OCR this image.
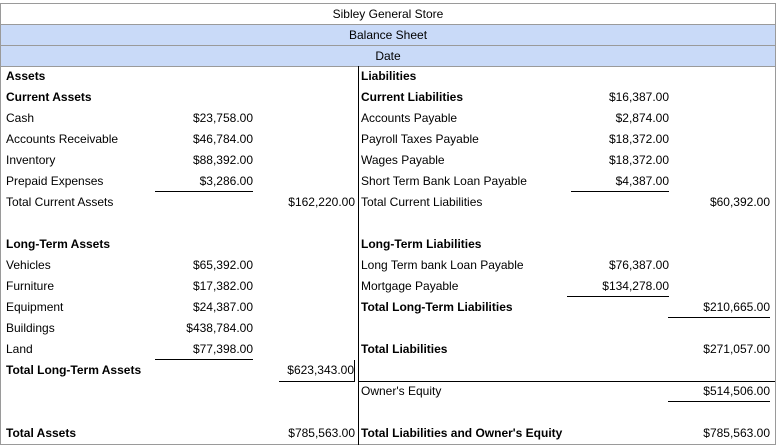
Sibley General Store
Balance Sheet
Date
Assets
Current Assets
Cash	$23,758.00
Accounts Receivable	$46,784.00
Inventory	$88,392.00
Prepaid Expenses	$3,286.00
Total Current Assets	$162,220.00
Long-Term Assets
Vehicles	$65,392.00
Furniture	$17,382.00
Equipment	$24,387.00
Buildings	$438,784.00
Land	$77,398.00
Total Long-Term Assets	$623,343.00
Total Assets	$785,563.00
Liabilities
Current Liabilities	$16,387.00
Accounts Payable	$2,874.00
Payroll Taxes Payable	$18,372.00
Wages Payable	$18,372.00
Short Term Bank Loan Payable	$4,387.00
Total Current Liabilities	$60,392.00
Long-Term Liabilities
Long Term bank Loan Payable	$76,387.00
Mortgage Payable	$134,278.00
Total Long-Term Liabilities	$210,665.00
Total Liabilities	$271,057.00
Owner's Equity	$514,506.00
Total Liabilities and Owner's Equity	$785,563.00
